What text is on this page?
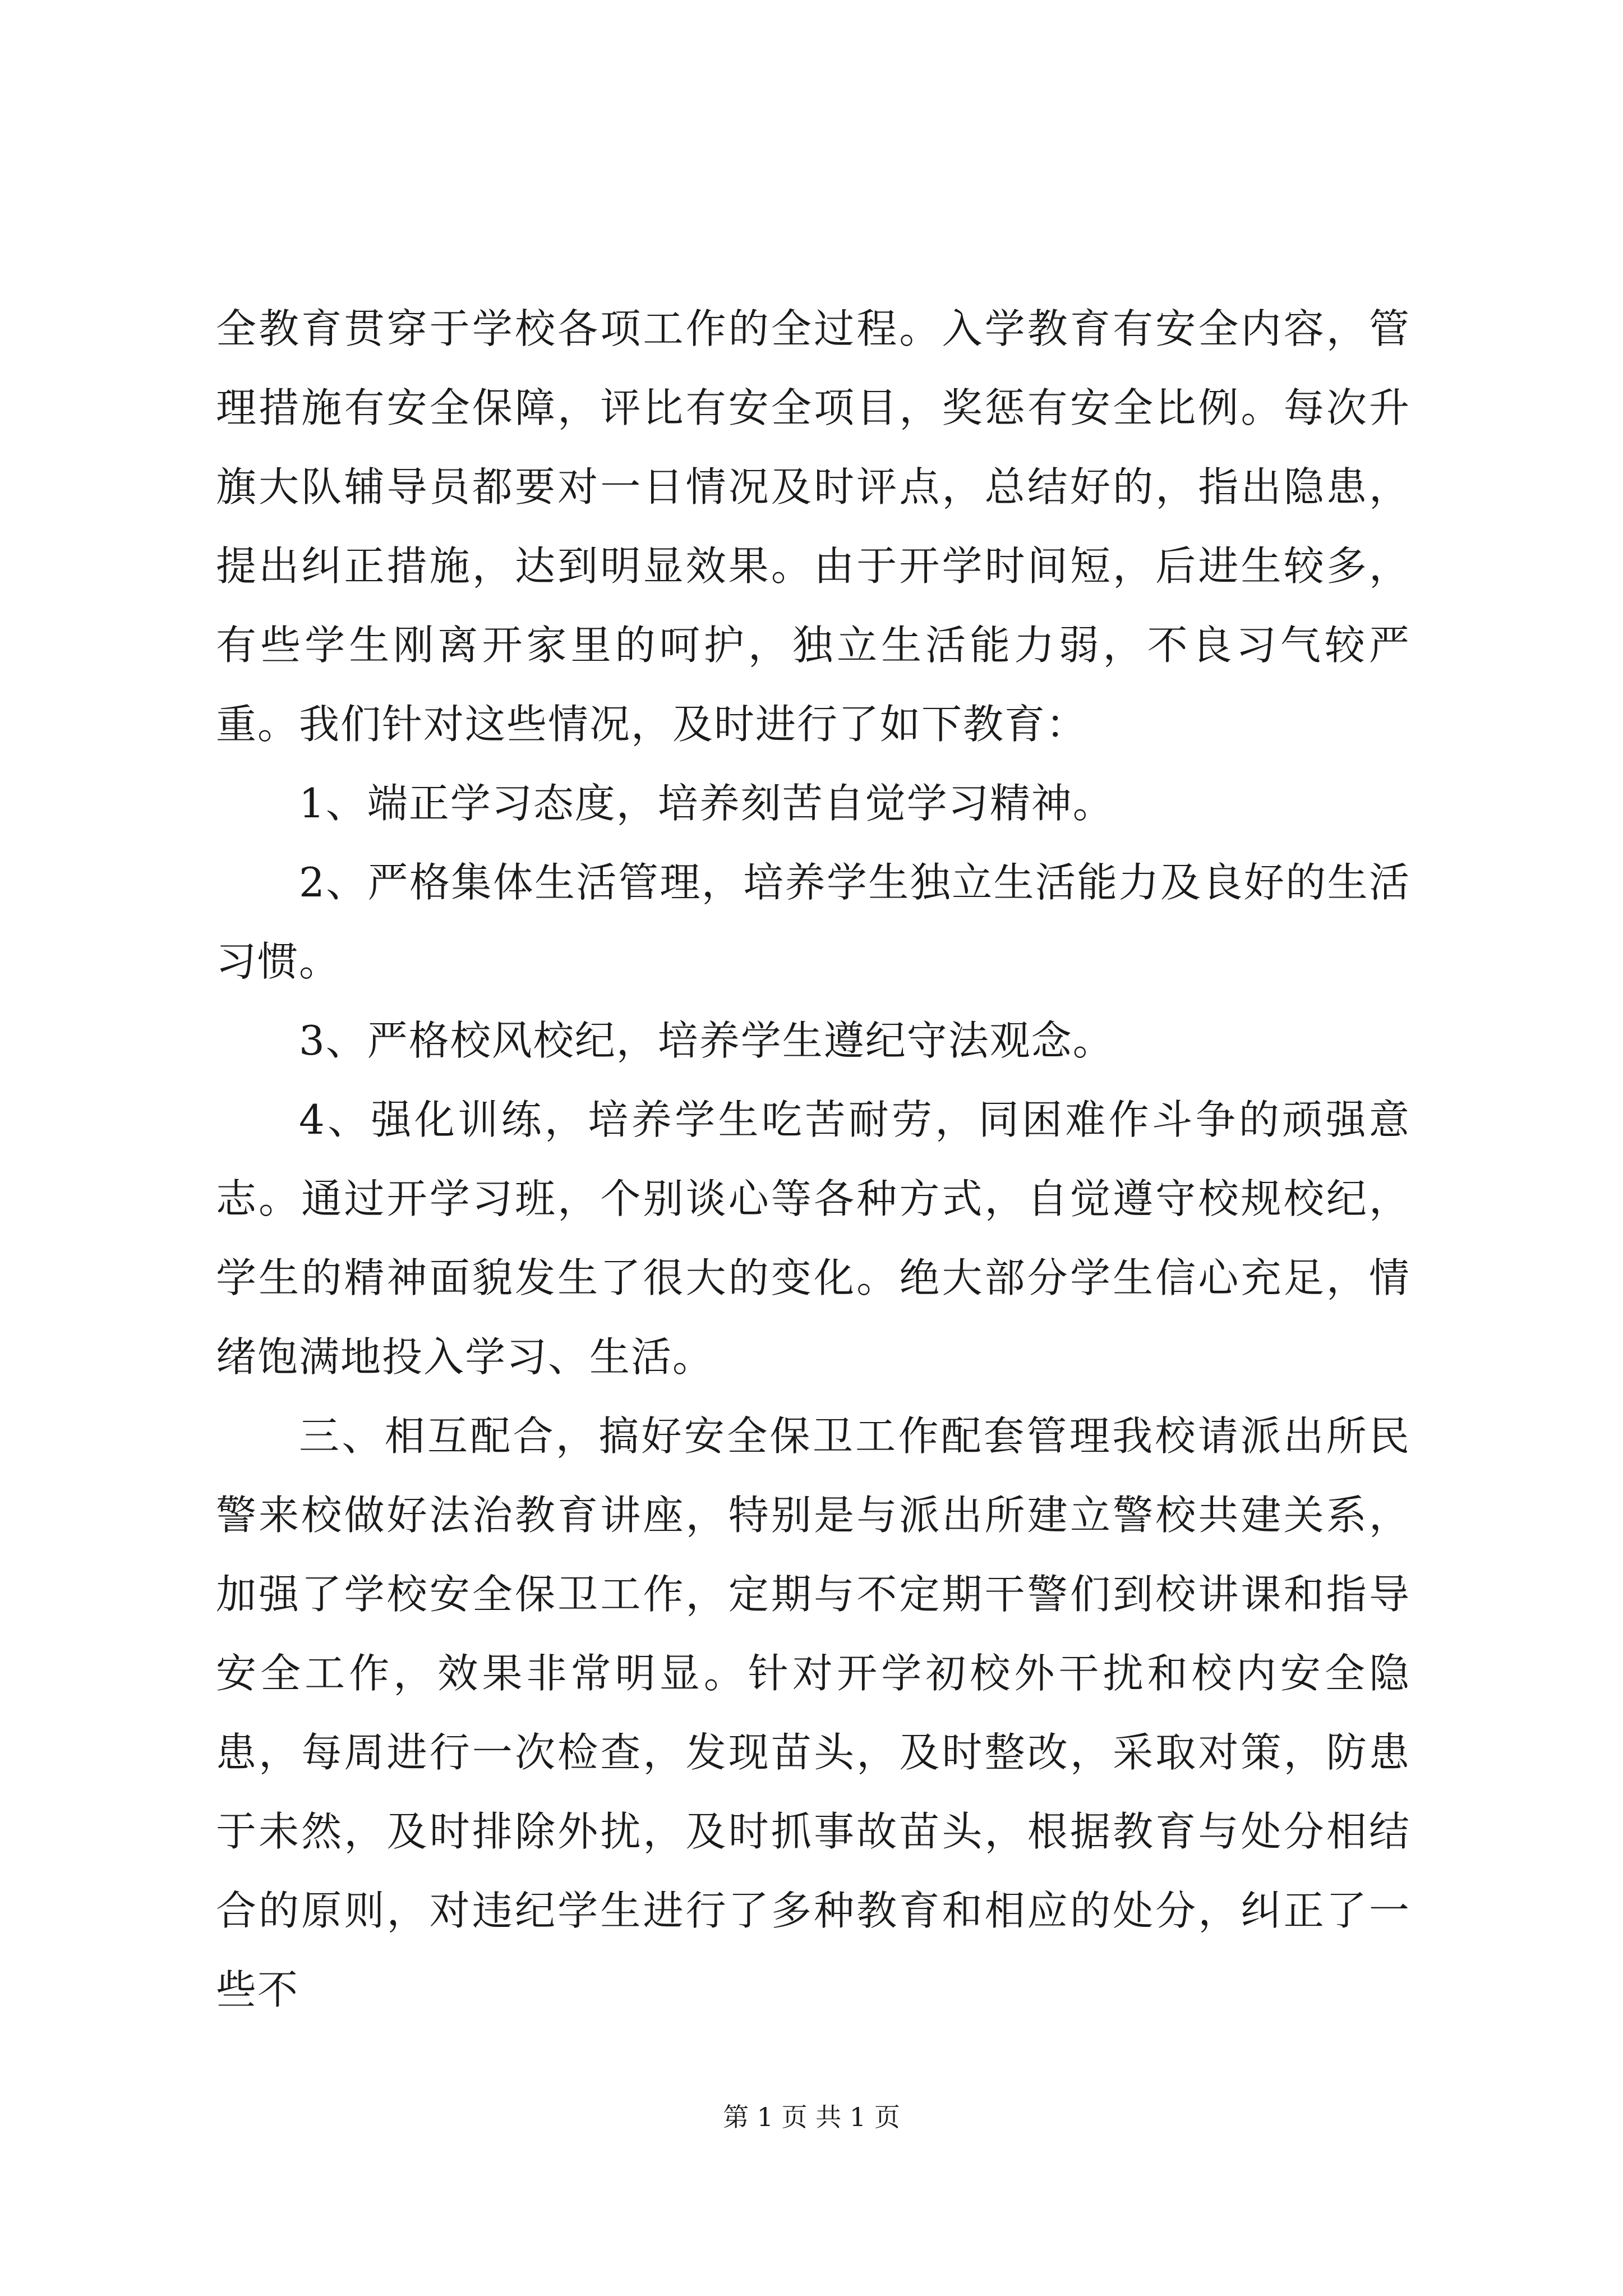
全教育贯穿于学校各项工作的全过程。入学教育有安全内容，管理措施有安全保障，评比有安全项目，奖惩有安全比例。每次升旗大队辅导员都要对一日情况及时评点，总结好的，指出隐患，提出纠正措施，达到明显效果。由于开学时间短，后进生较多，有些学生刚离开家里的呵护，独立生活能力弱，不良习气较严重。我们针对这些情况，及时进行了如下教育：

1、端正学习态度，培养刻苦自觉学习精神。

2、严格集体生活管理，培养学生独立生活能力及良好的生活习惯。

3、严格校风校纪，培养学生遵纪守法观念。

4、强化训练，培养学生吃苦耐劳，同困难作斗争的顽强意志。通过开学习班，个别谈心等各种方式，自觉遵守校规校纪，学生的精神面貌发生了很大的变化。绝大部分学生信心充足，情绪饱满地投入学习、生活。

三、相互配合，搞好安全保卫工作配套管理我校请派出所民警来校做好法治教育讲座，特别是与派出所建立警校共建关系，加强了学校安全保卫工作，定期与不定期干警们到校讲课和指导安全工作，效果非常明显。针对开学初校外干扰和校内安全隐患，每周进行一次检查，发现苗头，及时整改，采取对策，防患于未然，及时排除外扰，及时抓事故苗头，根据教育与处分相结合的原则，对违纪学生进行了多种教育和相应的处分，纠正了一些不

第 1 页 共 1 页
